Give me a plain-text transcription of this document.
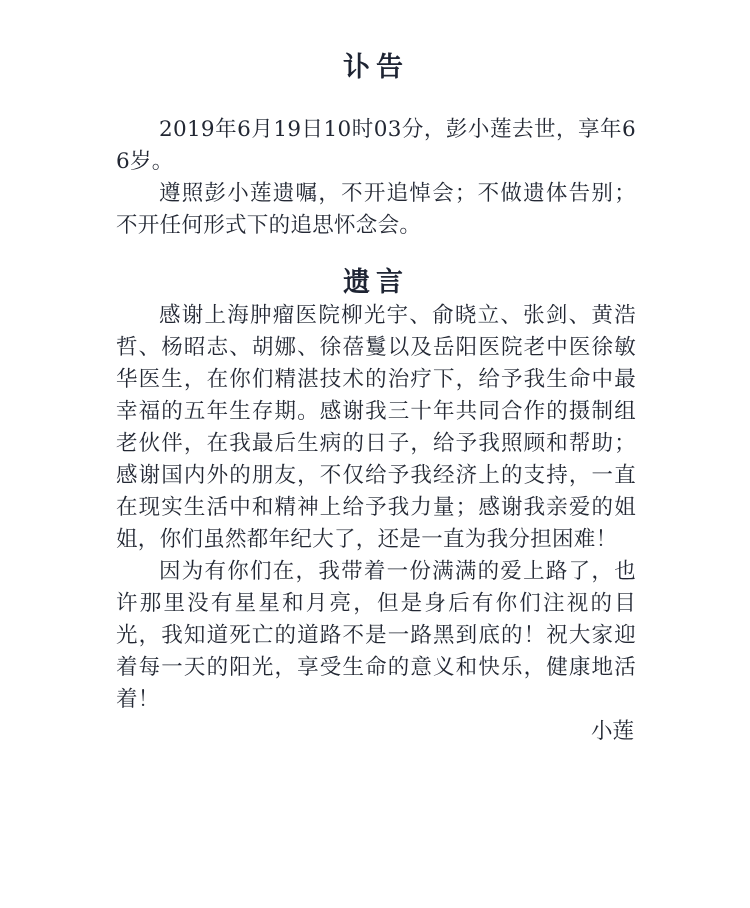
讣告

2019年6月19日10时03分，彭小莲去世，享年66岁。

遵照彭小莲遗嘱，不开追悼会；不做遗体告别；不开任何形式下的追思怀念会。

遗言

感谢上海肿瘤医院柳光宇、俞晓立、张剑、黄浩哲、杨昭志、胡娜、徐蓓鬘以及岳阳医院老中医徐敏华医生，在你们精湛技术的治疗下，给予我生命中最幸福的五年生存期。感谢我三十年共同合作的摄制组老伙伴，在我最后生病的日子，给予我照顾和帮助；感谢国内外的朋友，不仅给予我经济上的支持，一直在现实生活中和精神上给予我力量；感谢我亲爱的姐姐，你们虽然都年纪大了，还是一直为我分担困难！

因为有你们在，我带着一份满满的爱上路了，也许那里没有星星和月亮，但是身后有你们注视的目光，我知道死亡的道路不是一路黑到底的！祝大家迎着每一天的阳光，享受生命的意义和快乐，健康地活着！

小莲
